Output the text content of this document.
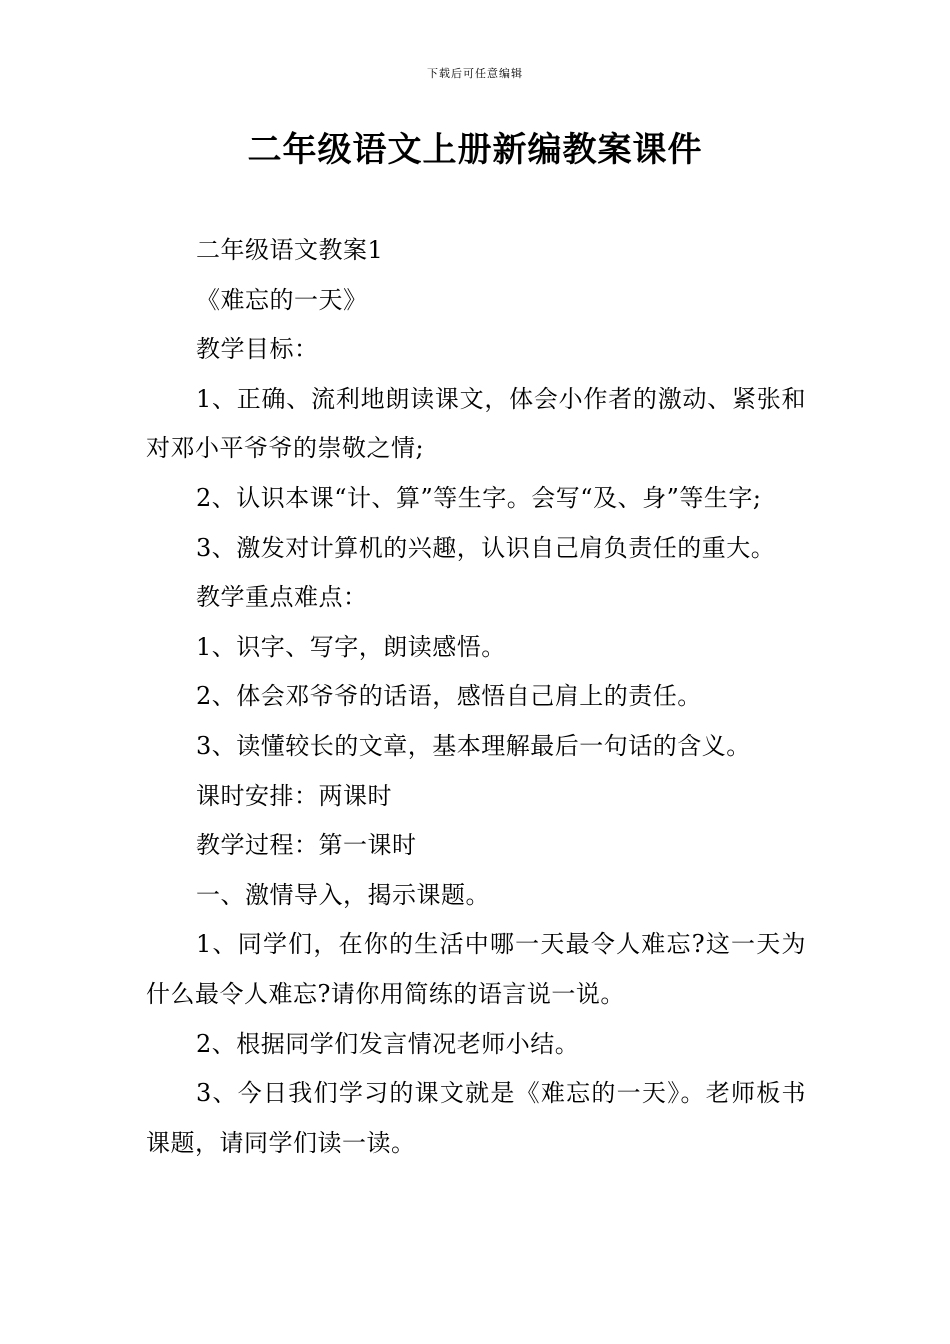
下载后可任意编辑
二年级语文上册新编教案课件

二年级语文教案1

《难忘的一天》

教学目标：

1、正确、流利地朗读课文，体会小作者的激动、紧张和对邓小平爷爷的崇敬之情;

2、认识本课“计、算”等生字。会写“及、身”等生字;

3、激发对计算机的兴趣，认识自己肩负责任的重大。

教学重点难点：

1、识字、写字，朗读感悟。

2、体会邓爷爷的话语，感悟自己肩上的责任。

3、读懂较长的文章，基本理解最后一句话的含义。

课时安排：两课时

教学过程：第一课时

一、激情导入，揭示课题。

1、同学们，在你的生活中哪一天最令人难忘?这一天为什么最令人难忘?请你用简练的语言说一说。

2、根据同学们发言情况老师小结。

3、今日我们学习的课文就是《难忘的一天》。老师板书课题，请同学们读一读。
